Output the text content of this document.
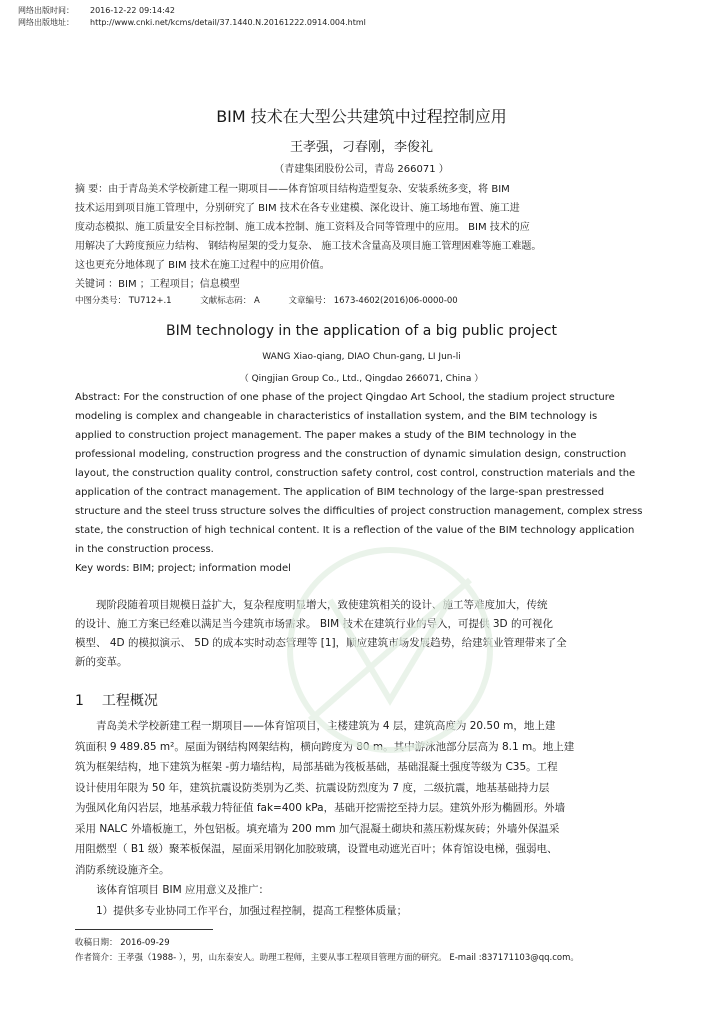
网络出版时间： 2016-12-22 09:14:42
网络出版地址： http://www.cnki.net/kcms/detail/37.1440.N.20161222.0914.004.html
BIM 技术在大型公共建筑中过程控制应用
王孝强，刁春刚，李俊礼
（青建集团股份公司，青岛 266071 ）

摘 要：由于青岛美术学校新建工程一期项目——体育馆项目结构造型复杂、安装系统多变，将 BIM

技术运用到项目施工管理中，分别研究了 BIM 技术在各专业建模、深化设计、施工场地布置、施工进

度动态模拟、施工质量安全目标控制、施工成本控制、施工资料及合同等管理中的应用。 BIM 技术的应

用解决了大跨度预应力结构、 钢结构屋架的受力复杂、 施工技术含量高及项目施工管理困难等施工难题。

这也更充分地体现了 BIM 技术在施工过程中的应用价值。

关键词 ：BIM ；工程项目；信息模型

中图分类号： TU712+.1	文献标志码： A	文章编号： 1673-4602(2016)06-0000-00
BIM technology in the application of a big public project
WANG Xiao-qiang, DIAO Chun-gang, LI Jun-li
（ Qingjian Group Co., Ltd., Qingdao 266071, China ）

Abstract: For the construction of one phase of the project Qingdao Art School, the stadium project structure

modeling is complex and changeable in characteristics of installation system, and the BIM technology is

applied to construction project management. The paper makes a study of the BIM technology in the

professional modeling, construction progress and the construction of dynamic simulation design, construction

layout, the construction quality control, construction safety control, cost control, construction materials and the

application of the contract management. The application of BIM technology of the large-span prestressed

structure and the steel truss structure solves the difficulties of project construction management, complex stress

state, the construction of high technical content. It is a reflection of the value of the BIM technology application

in the construction process.

Key words: BIM; project; information model

现阶段随着项目规模日益扩大，复杂程度明显增大，致使建筑相关的设计、施工等难度加大，传统

的设计、施工方案已经难以满足当今建筑市场需求。 BIM 技术在建筑行业的导入，可提供 3D 的可视化

模型、 4D 的模拟演示、 5D 的成本实时动态管理等 [1]，顺应建筑市场发展趋势，给建筑业管理带来了全

新的变革。

1 工程概况

青岛美术学校新建工程一期项目——体育馆项目，主楼建筑为 4 层，建筑高度为 20.50 m，地上建

筑面积 9 489.85 m²。屋面为钢结构网架结构，横向跨度为 80 m。其中游泳池部分层高为 8.1 m。地上建

筑为框架结构，地下建筑为框架 -剪力墙结构，局部基础为筏板基础，基础混凝土强度等级为 C35。工程

设计使用年限为 50 年，建筑抗震设防类别为乙类、抗震设防烈度为 7 度，二级抗震，地基基础持力层

为强风化角闪岩层，地基承载力特征值 fak=400 kPa，基础开挖需挖至持力层。建筑外形为椭圆形。外墙

采用 NALC 外墙板施工，外包铝板。填充墙为 200 mm 加气混凝土砌块和蒸压粉煤灰砖；外墙外保温采

用阻燃型（ B1 级）聚苯板保温，屋面采用钢化加胶玻璃，设置电动遮光百叶；体育馆设电梯，强弱电、

消防系统设施齐全。

该体育馆项目 BIM 应用意义及推广：

1）提供多专业协同工作平台，加强过程控制，提高工程整体质量；

收稿日期： 2016-09-29
作者简介：王孝强（1988- ），男，山东泰安人。助理工程师，主要从事工程项目管理方面的研究。 E-mail :837171103@qq.com。
